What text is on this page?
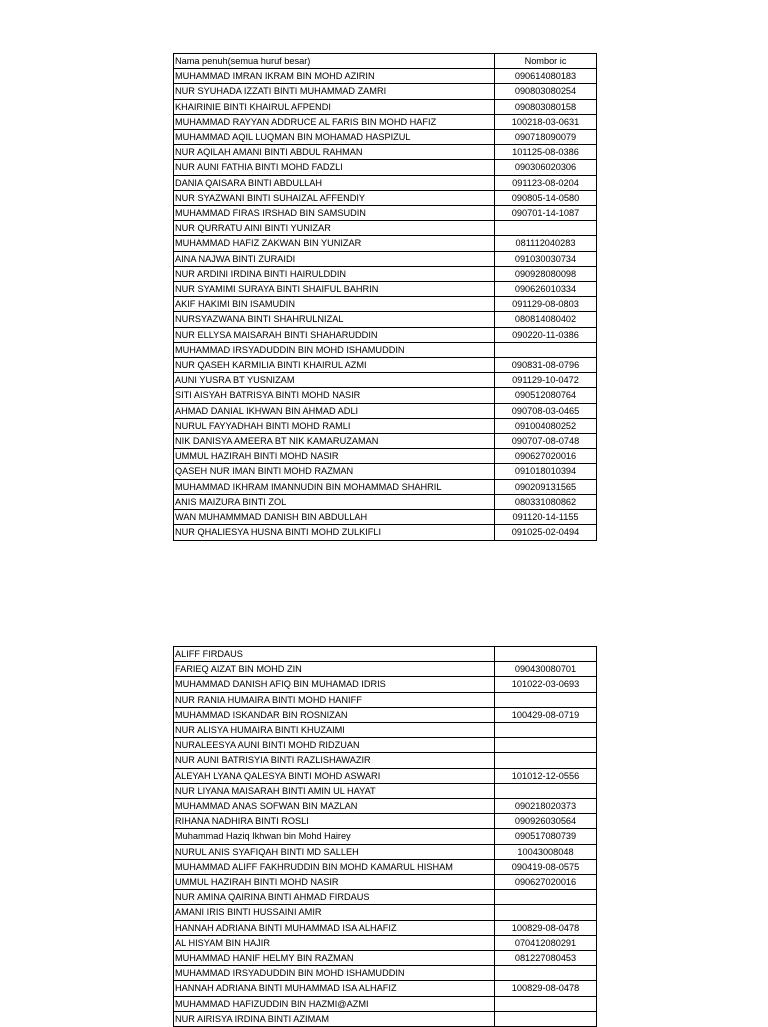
Nama penuh(semua huruf besar)	Nombor ic
MUHAMMAD IMRAN IKRAM BIN MOHD AZIRIN	090614080183
NUR SYUHADA IZZATI BINTI MUHAMMAD ZAMRI	090803080254
KHAIRINIE BINTI KHAIRUL AFPENDI	090803080158
MUHAMMAD RAYYAN ADDRUCE AL FARIS BIN MOHD HAFIZ	100218-03-0631
MUHAMMAD AQIL LUQMAN BIN MOHAMAD HASPIZUL	090718090079
NUR AQILAH AMANI BINTI ABDUL RAHMAN	101125-08-0386
NUR AUNI FATHIA BINTI MOHD FADZLI	090306020306
DANIA QAISARA BINTI ABDULLAH	091123-08-0204
NUR SYAZWANI BINTI SUHAIZAL AFFENDIY	090805-14-0580
MUHAMMAD FIRAS IRSHAD BIN SAMSUDIN	090701-14-1087
NUR QURRATU AINI BINTI YUNIZAR	
MUHAMMAD HAFIZ ZAKWAN BIN YUNIZAR	081112040283
AINA NAJWA BINTI ZURAIDI	091030030734
NUR ARDINI IRDINA BINTI HAIRULDDIN	090928080098
NUR SYAMIMI SURAYA BINTI SHAIFUL BAHRIN	090626010334
AKIF HAKIMI BIN ISAMUDIN	091129-08-0803
NURSYAZWANA BINTI SHAHRULNIZAL	080814080402
NUR ELLYSA MAISARAH BINTI SHAHARUDDIN	090220-11-0386
MUHAMMAD IRSYADUDDIN BIN MOHD ISHAMUDDIN	
NUR QASEH KARMILIA BINTI KHAIRUL AZMI	090831-08-0796
AUNI YUSRA BT YUSNIZAM	091129-10-0472
SITI AISYAH BATRISYA BINTI MOHD NASIR	090512080764
AHMAD DANIAL IKHWAN BIN AHMAD ADLI	090708-03-0465
NURUL FAYYADHAH BINTI MOHD RAMLI	091004080252
NIK DANISYA AMEERA BT NIK KAMARUZAMAN	090707-08-0748
UMMUL HAZIRAH BINTI MOHD NASIR	090627020016
QASEH NUR IMAN BINTI MOHD RAZMAN	091018010394
MUHAMMAD IKHRAM IMANNUDIN BIN MOHAMMAD SHAHRIL	090209131565
ANIS MAIZURA BINTI ZOL	080331080862
WAN MUHAMMMAD DANISH BIN ABDULLAH	091120-14-1155
NUR QHALIESYA HUSNA BINTI MOHD ZULKIFLI	091025-02-0494
ALIFF FIRDAUS	
FARIEQ AIZAT BIN MOHD ZIN	090430080701
MUHAMMAD DANISH AFIQ BIN MUHAMAD IDRIS	101022-03-0693
NUR RANIA HUMAIRA BINTI MOHD HANIFF	
MUHAMMAD ISKANDAR BIN ROSNIZAN	100429-08-0719
NUR ALISYA HUMAIRA BINTI KHUZAIMI	
NURALEESYA AUNI BINTI MOHD RIDZUAN	
NUR AUNI BATRISYIA BINTI RAZLISHAWAZIR	
ALEYAH LYANA QALESYA BINTI MOHD ASWARI	101012-12-0556
NUR LIYANA MAISARAH BINTI AMIN UL HAYAT	
MUHAMMAD ANAS SOFWAN BIN MAZLAN	090218020373
RIHANA NADHIRA BINTI ROSLI	090926030564
Muhammad Haziq Ikhwan bin Mohd Hairey	090517080739
NURUL ANIS SYAFIQAH BINTI MD SALLEH	10043008048
MUHAMMAD ALIFF FAKHRUDDIN BIN MOHD KAMARUL HISHAM	090419-08-0575
UMMUL HAZIRAH BINTI MOHD NASIR	090627020016
NUR AMINA QAIRINA BINTI AHMAD FIRDAUS	
AMANI IRIS BINTI HUSSAINI AMIR	
HANNAH ADRIANA BINTI MUHAMMAD ISA ALHAFIZ	100829-08-0478
AL HISYAM BIN HAJIR	070412080291
MUHAMMAD HANIF HELMY BIN RAZMAN	081227080453
MUHAMMAD IRSYADUDDIN BIN MOHD ISHAMUDDIN	
HANNAH ADRIANA BINTI MUHAMMAD ISA ALHAFIZ	100829-08-0478
MUHAMMAD HAFIZUDDIN BIN HAZMI@AZMI	
NUR AIRISYA IRDINA BINTI AZIMAM	
